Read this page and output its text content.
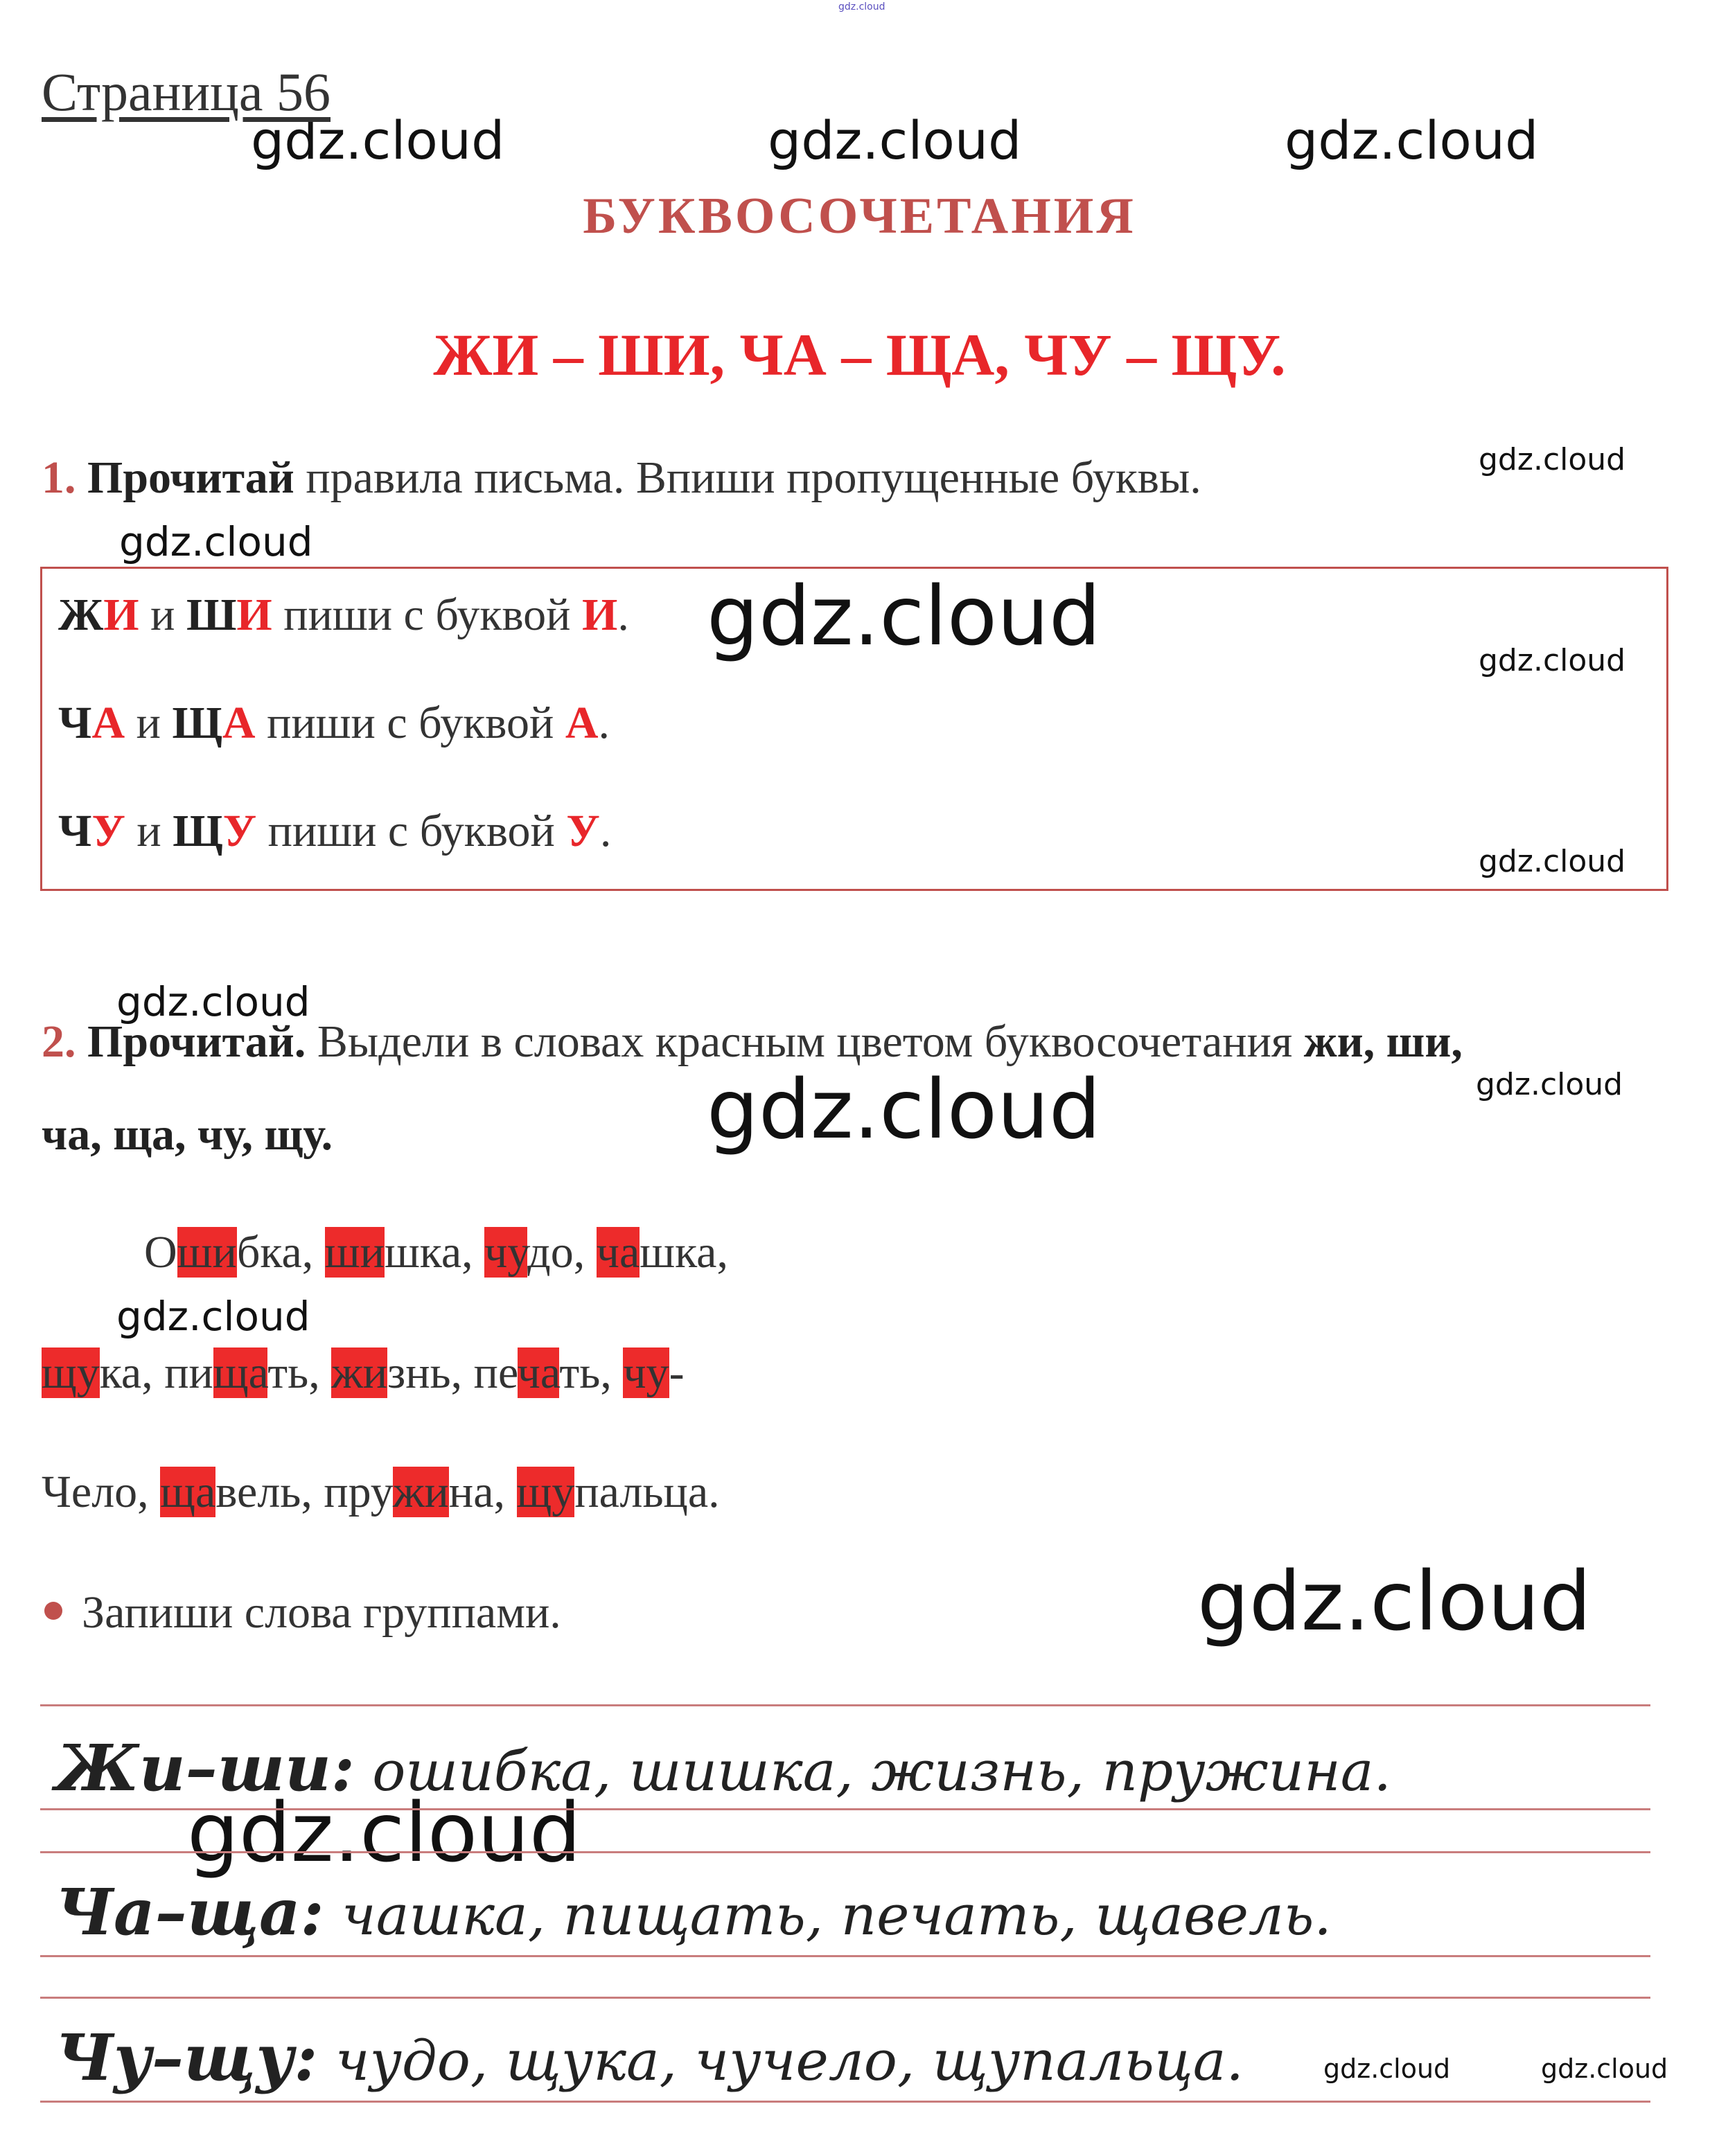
gdz.cloud
gdz.cloud	gdz.cloud	gdz.cloud
gdz.cloud
gdz.cloud
gdz.cloud	gdz.cloud
gdz.cloud
gdz.cloud
gdz.cloud
gdz.cloud
gdz.cloud
gdz.cloud
gdz.cloud
gdz.cloud	gdz.cloud
Страница 56
БУКВОСОЧЕТАНИЯ
ЖИ – ШИ, ЧА – ЩА, ЧУ – ЩУ.
1. Прочитай правила письма. Впиши пропущенные буквы.
ЖИ и ШИ пиши с буквой И.
ЧА и ЩА пиши с буквой А.
ЧУ и ЩУ пиши с буквой У.
2. Прочитай. Выдели в словах красным цветом буквосочетания жи, ши,
ча, ща, чу, щу.
Ошибка, шишка, чудо, чашка,
щука, пищать, жизнь, печать, чу-
Чело, щавель, пружина, щупальца.
Запиши слова группами.
Жи–ши: ошибка, шишка, жизнь, пружина.
Ча–ща: чашка, пищать, печать, щавель.
Чу–щу: чудо, щука, чучело, щупальца.
